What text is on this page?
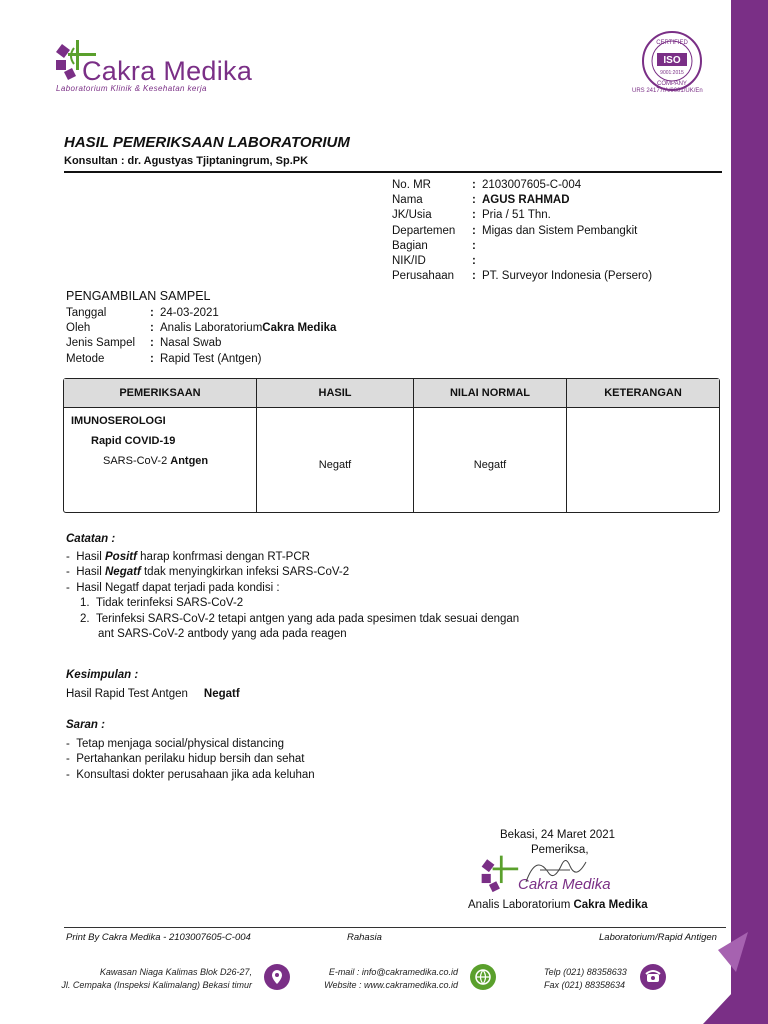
Cakra Medika
Laboratorium Klinik & Kesehatan kerja
CERTIFIED
ISO
9001:2015
COMPANY
URS 24177/A/0001/UK/En
HASIL PEMERIKSAAN LABORATORIUM
Konsultan : dr. Agustyas Tjiptaningrum, Sp.PK
No. MR	: 2103007605-C-004
Nama	: AGUS RAHMAD
JK/Usia	: Pria / 51 Thn.
Departemen	: Migas dan Sistem Pembangkit
Bagian	:
NIK/ID	:
Perusahaan	: PT. Surveyor Indonesia (Persero)
PENGAMBILAN SAMPEL
Tanggal	: 24-03-2021
Oleh	: Analis Laboratorium Cakra Medika
Jenis Sampel	: Nasal Swab
Metode	: Rapid Test (Antgen)
PEMERIKSAAN	HASIL	NILAI NORMAL	KETERANGAN

IMUNOSEROLOGI
Rapid COVID-19
SARS-CoV-2 Antgen	Negatf	Negatf	

Catatan :
-  Hasil Positf harap konfrmasi dengan RT-PCR
-  Hasil Negatf tdak menyingkirkan infeksi SARS-CoV-2
-  Hasil Negatf dapat terjadi pada kondisi :
1.  Tidak terinfeksi SARS-CoV-2
2.  Terinfeksi SARS-CoV-2 tetapi antgen yang ada pada spesimen tdak sesuai dengan
ant SARS-CoV-2 antbody yang ada pada reagen
Kesimpulan :
Hasil Rapid Test Antgen Negatf
Saran :
-  Tetap menjaga social/physical distancing
-  Pertahankan perilaku hidup bersih dan sehat
-  Konsultasi dokter perusahaan jika ada keluhan
Bekasi, 24 Maret 2021
Pemeriksa,
Cakra Medika
Analis Laboratorium Cakra Medika
Print By Cakra Medika - 2103007605-C-004	Rahasia	Laboratorium/Rapid Antigen
Kawasan Niaga Kalimas Blok D26-27,
Jl. Cempaka (Inspeksi Kalimalang) Bekasi timur
E-mail : info@cakramedika.co.id
Website : www.cakramedika.co.id
Telp (021) 88358633
Fax (021) 88358634
